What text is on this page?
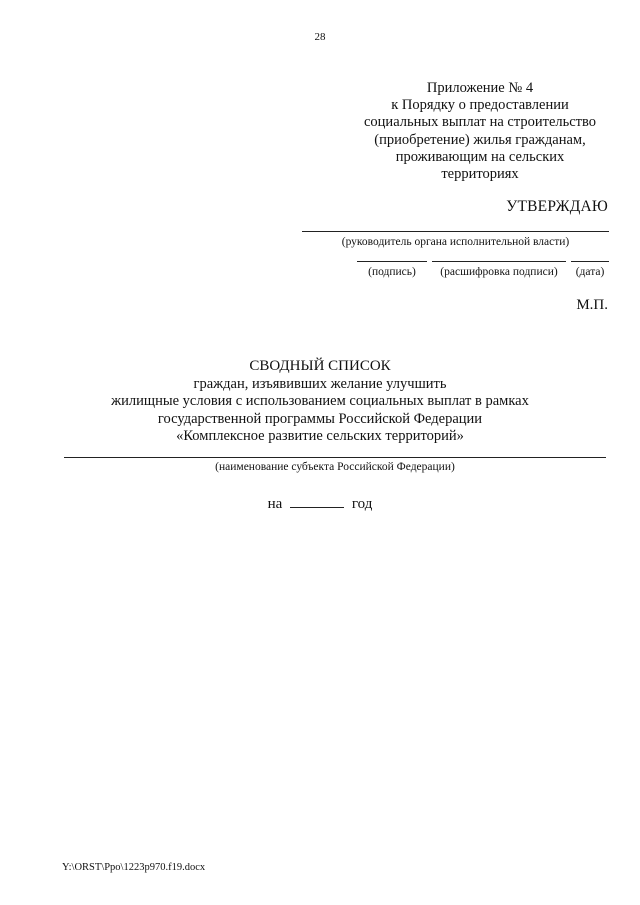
28
Приложение № 4
к Порядку о предоставлении
социальных выплат на строительство
(приобретение) жилья гражданам,
проживающим на сельских
территориях
УТВЕРЖДАЮ
(руководитель органа исполнительной власти)
(подпись)	(расшифровка подписи)	(дата)
М.П.
СВОДНЫЙ СПИСОК
граждан, изъявивших желание улучшить
жилищные условия с использованием социальных выплат в рамках
государственной программы Российской Федерации
«Комплексное развитие сельских территорий»
(наименование субъекта Российской Федерации)
на	год
Y:\ORST\Ppo\1223p970.f19.docx
